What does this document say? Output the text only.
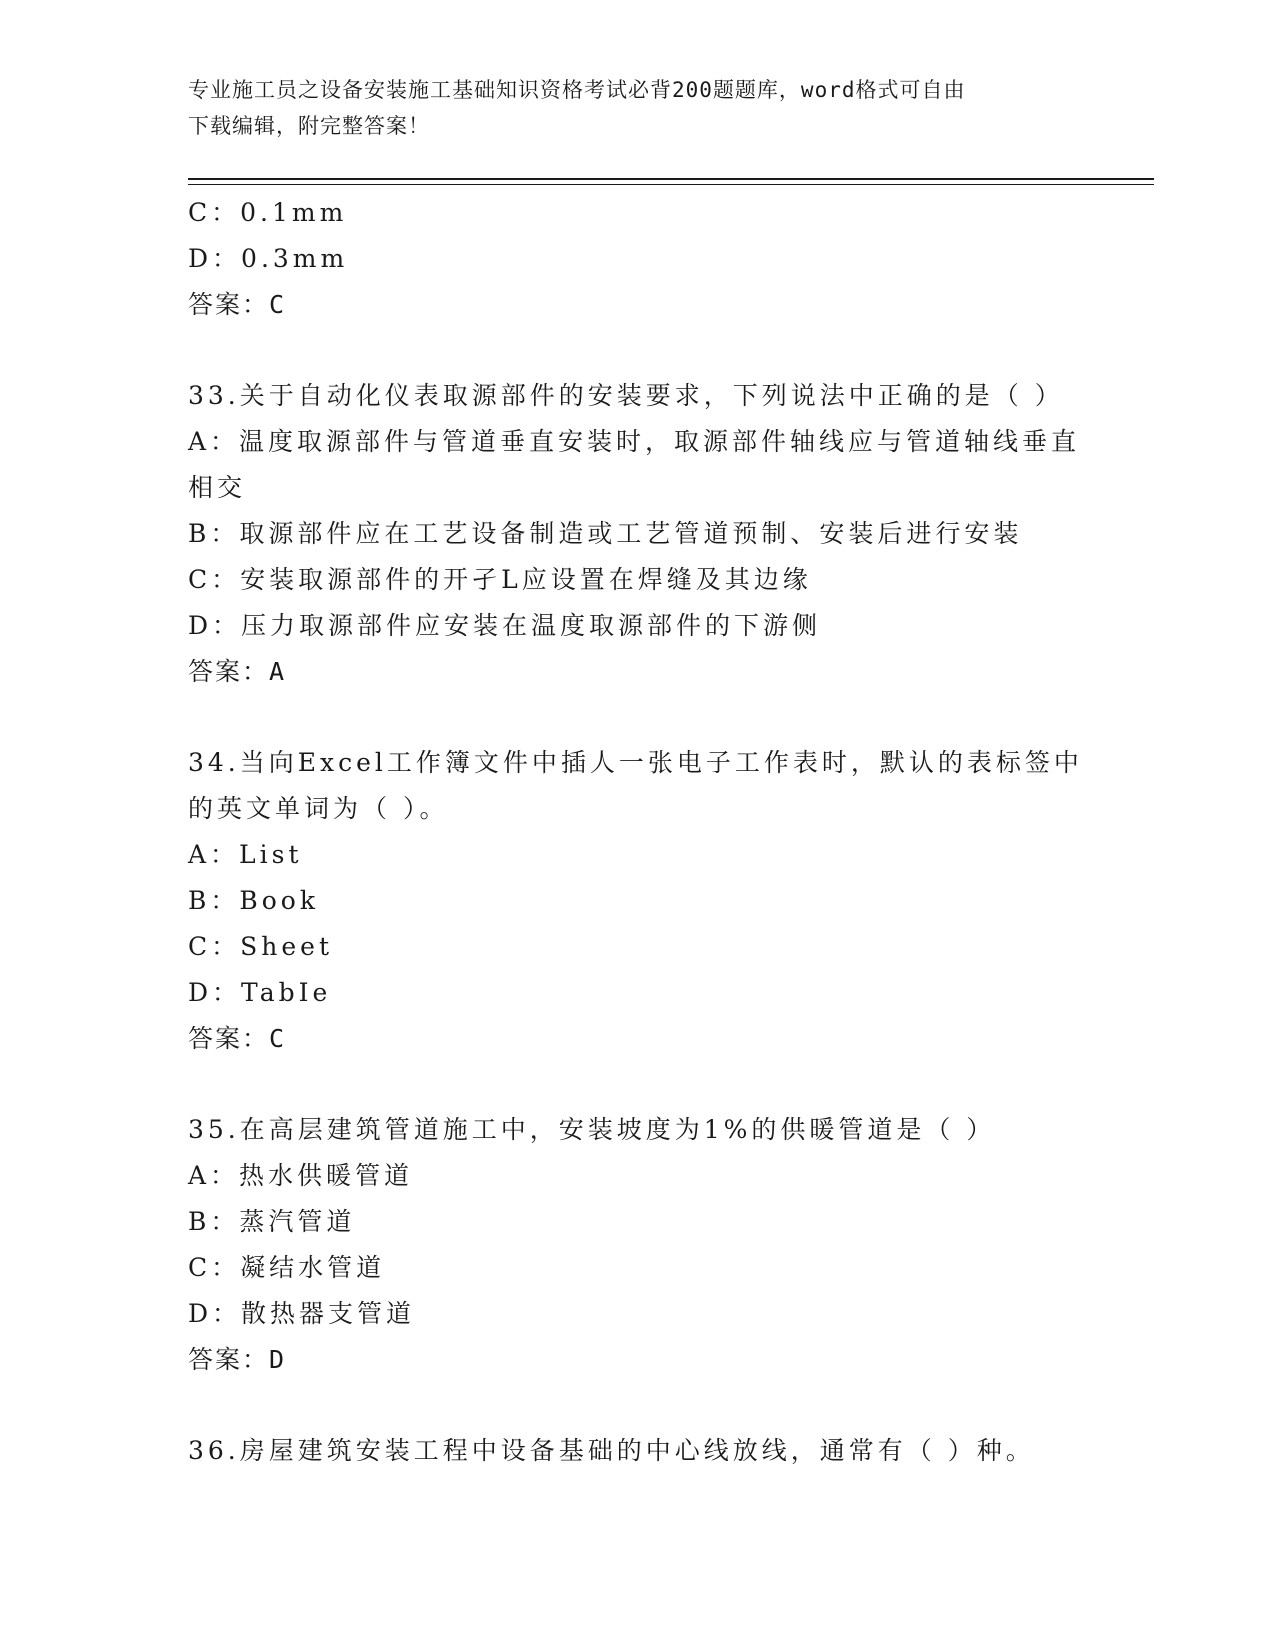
专业施工员之设备安装施工基础知识资格考试必背200题题库，word格式可自由
下载编辑，附完整答案！
C：0.1mm
D：0.3mm
答案：C
33.关于自动化仪表取源部件的安装要求，下列说法中正确的是（ ）
A：温度取源部件与管道垂直安装时，取源部件轴线应与管道轴线垂直
相交
B：取源部件应在工艺设备制造或工艺管道预制、安装后进行安装
C：安装取源部件的开孑L应设置在焊缝及其边缘
D：压力取源部件应安装在温度取源部件的下游侧
答案：A
34.当向Excel工作簿文件中插人一张电子工作表时，默认的表标签中
的英文单词为（ ）。
A：List
B：Book
C：Sheet
D：TabIe
答案：C
35.在高层建筑管道施工中，安装坡度为1%的供暖管道是（ ）
A：热水供暖管道
B：蒸汽管道
C：凝结水管道
D：散热器支管道
答案：D
36.房屋建筑安装工程中设备基础的中心线放线，通常有（ ）种。
